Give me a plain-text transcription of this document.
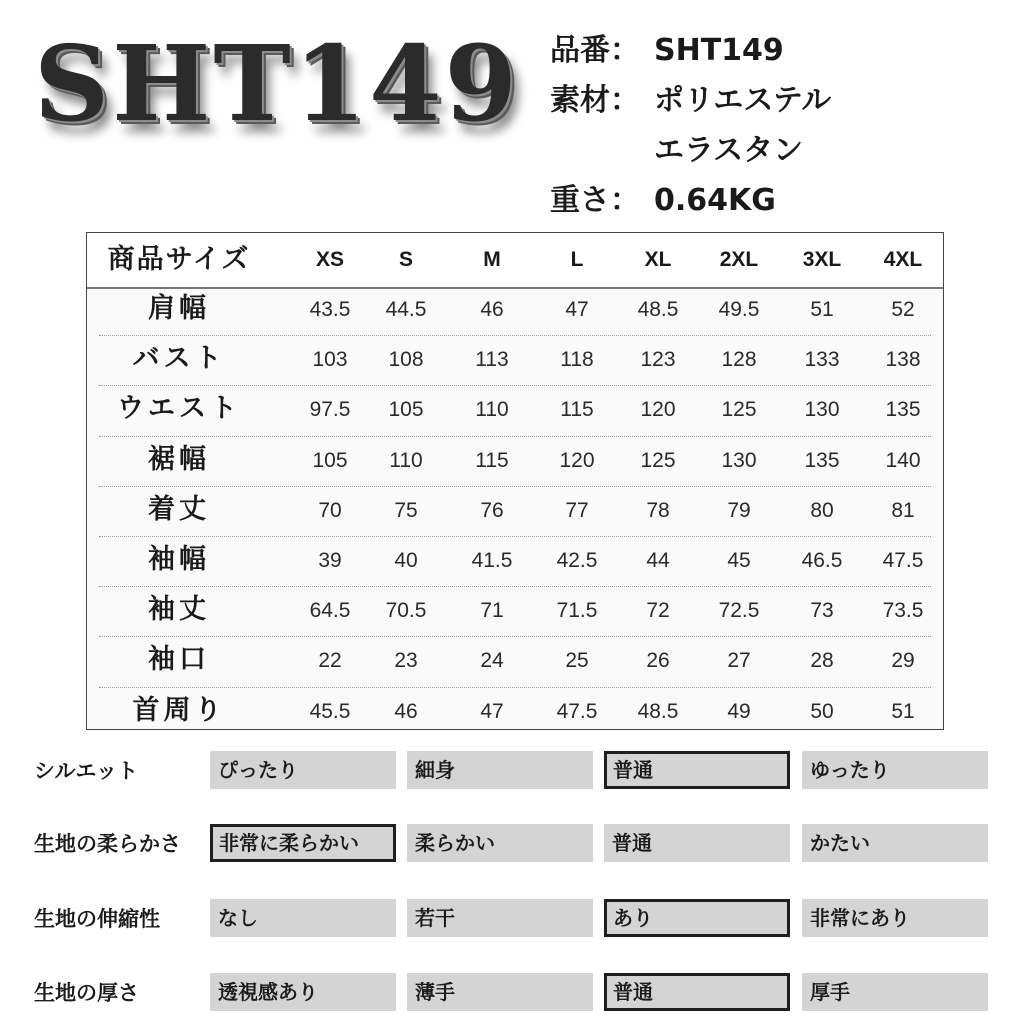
SHT149 品番： SHT149
素材： ポリエステル
エラスタン
重さ： 0.64KG
商品サイズ	XS	S	M	L	XL	2XL	3XL	4XL
肩幅	43.5	44.5	46	47	48.5	49.5	51	52
バスト	103	108	113	118	123	128	133	138
ウエスト	97.5	105	110	115	120	125	130	135
裾幅	105	110	115	120	125	130	135	140
着丈	70	75	76	77	78	79	80	81
袖幅	39	40	41.5	42.5	44	45	46.5	47.5
袖丈	64.5	70.5	71	71.5	72	72.5	73	73.5
袖口	22	23	24	25	26	27	28	29
首周り	45.5	46	47	47.5	48.5	49	50	51
シルエット	ぴったり	細身	普通	ゆったり
生地の柔らかさ	非常に柔らかい	柔らかい	普通	かたい
生地の伸縮性	なし	若干	あり	非常にあり
生地の厚さ	透視感あり	薄手	普通	厚手
